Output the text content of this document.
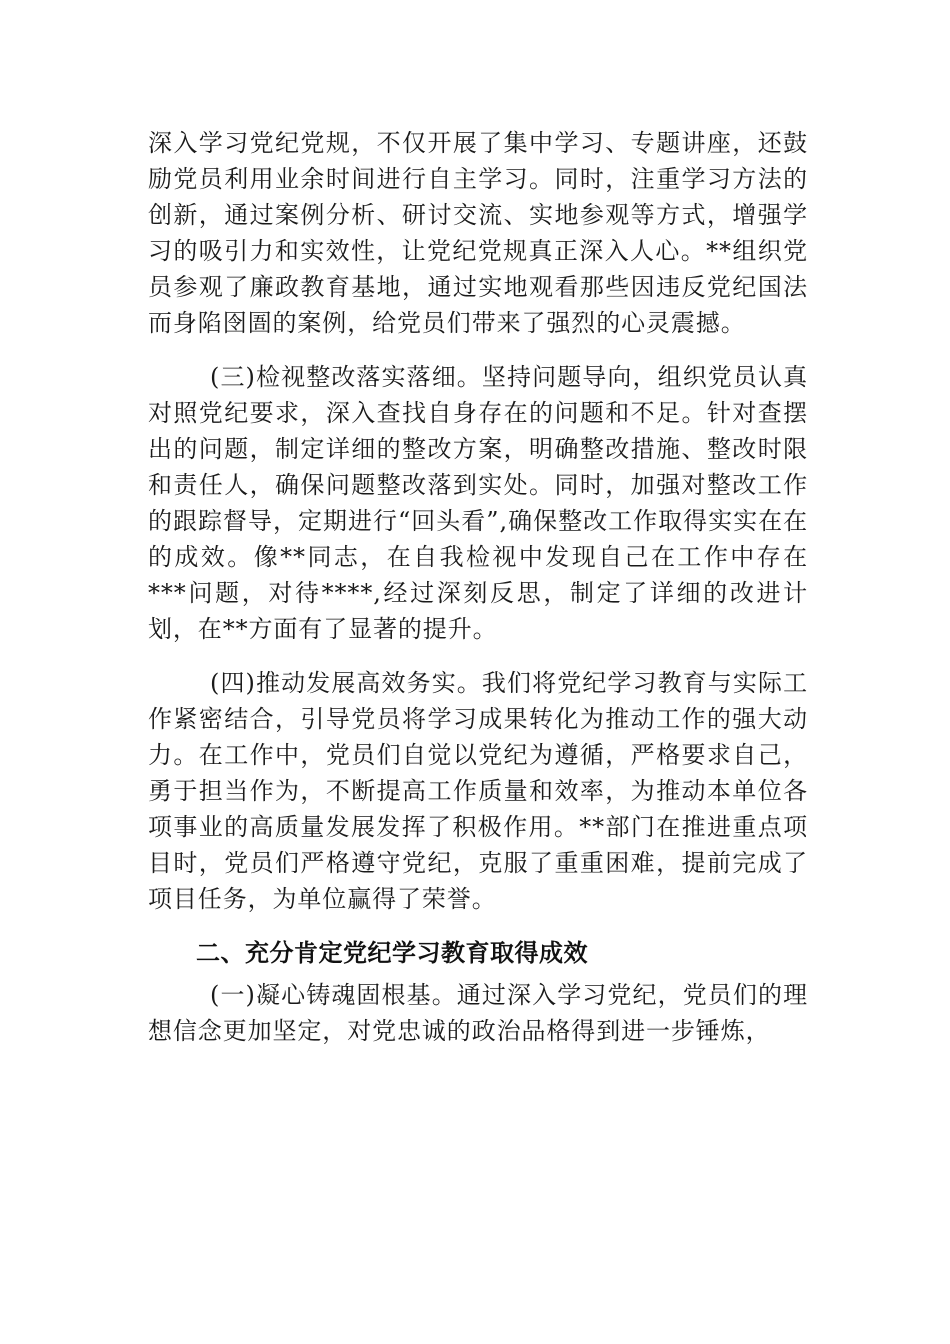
深入学习党纪党规，不仅开展了集中学习、专题讲座，还鼓励党员利用业余时间进行自主学习。同时，注重学习方法的创新，通过案例分析、研讨交流、实地参观等方式，增强学习的吸引力和实效性，让党纪党规真正深入人心。**组织党员参观了廉政教育基地，通过实地观看那些因违反党纪国法而身陷囹圄的案例，给党员们带来了强烈的心灵震撼。

(三)检视整改落实落细。坚持问题导向，组织党员认真对照党纪要求，深入查找自身存在的问题和不足。针对查摆出的问题，制定详细的整改方案，明确整改措施、整改时限和责任人，确保问题整改落到实处。同时，加强对整改工作的跟踪督导，定期进行“回头看”,确保整改工作取得实实在在的成效。像**同志，在自我检视中发现自己在工作中存在***问题，对待****,经过深刻反思，制定了详细的改进计划，在**方面有了显著的提升。

(四)推动发展高效务实。我们将党纪学习教育与实际工作紧密结合，引导党员将学习成果转化为推动工作的强大动力。在工作中，党员们自觉以党纪为遵循，严格要求自己，勇于担当作为，不断提高工作质量和效率，为推动本单位各项事业的高质量发展发挥了积极作用。**部门在推进重点项目时，党员们严格遵守党纪，克服了重重困难，提前完成了项目任务，为单位赢得了荣誉。

二、充分肯定党纪学习教育取得成效

(一)凝心铸魂固根基。通过深入学习党纪，党员们的理想信念更加坚定，对党忠诚的政治品格得到进一步锤炼，
